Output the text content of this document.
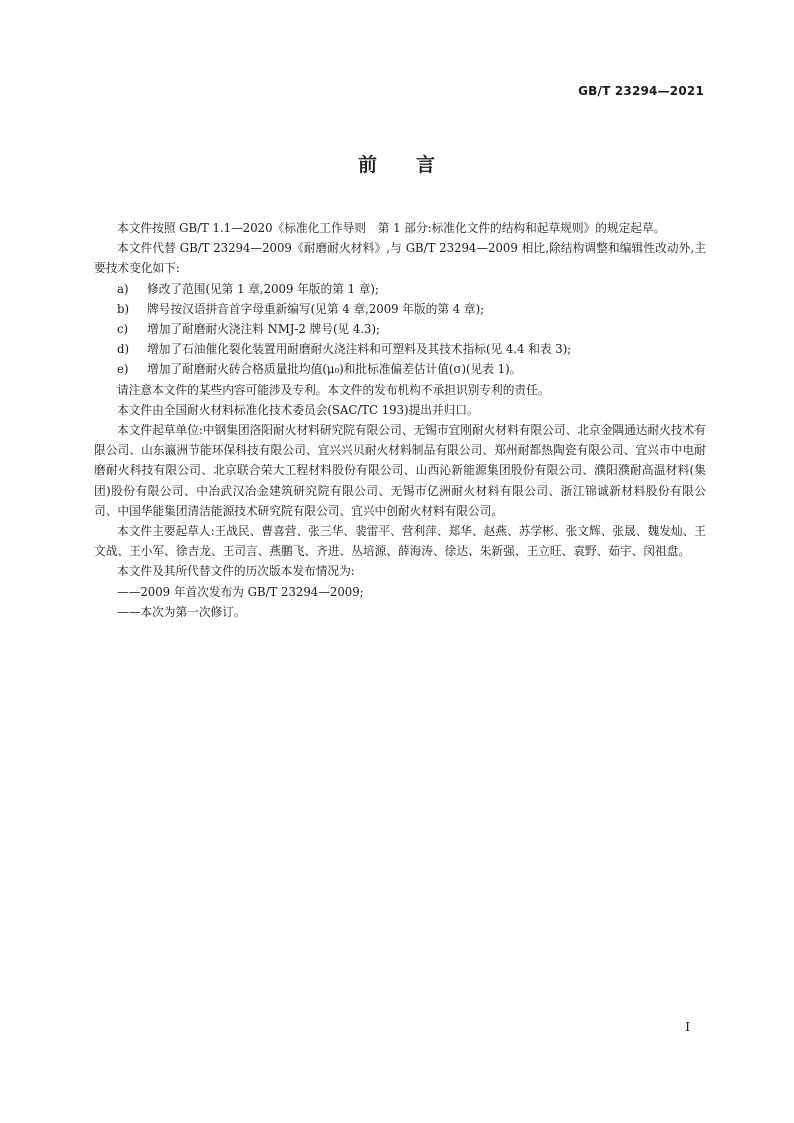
GB/T 23294—2021
前 言

本文件按照 GB/T 1.1—2020《标准化工作导则　第 1 部分:标准化文件的结构和起草规则》的规定起草。

本文件代替 GB/T 23294—2009《耐磨耐火材料》,与 GB/T 23294—2009 相比,除结构调整和编辑性改动外,主要技术变化如下:

a)	修改了范围(见第 1 章,2009 年版的第 1 章);
b)	牌号按汉语拼音首字母重新编写(见第 4 章,2009 年版的第 4 章);
c)	增加了耐磨耐火浇注料 NMJ-2 牌号(见 4.3);
d)	增加了石油催化裂化装置用耐磨耐火浇注料和可塑料及其技术指标(见 4.4 和表 3);
e)	增加了耐磨耐火砖合格质量批均值(μ₀)和批标准偏差估计值(σ)(见表 1)。

请注意本文件的某些内容可能涉及专利。本文件的发布机构不承担识别专利的责任。

本文件由全国耐火材料标准化技术委员会(SAC/TC 193)提出并归口。

本文件起草单位:中钢集团洛阳耐火材料研究院有限公司、无锡市宜刚耐火材料有限公司、北京金隅通达耐火技术有限公司、山东瀛洲节能环保科技有限公司、宜兴兴贝耐火材料制品有限公司、郑州耐都热陶瓷有限公司、宜兴市中电耐磨耐火科技有限公司、北京联合荣大工程材料股份有限公司、山西沁新能源集团股份有限公司、濮阳濮耐高温材料(集团)股份有限公司、中冶武汉冶金建筑研究院有限公司、无锡市亿洲耐火材料有限公司、浙江锦诚新材料股份有限公司、中国华能集团清洁能源技术研究院有限公司、宜兴中创耐火材料有限公司。

本文件主要起草人:王战民、曹喜营、张三华、裴雷平、营利萍、郑华、赵燕、苏学彬、张文辉、张晟、魏发灿、王文战、王小军、徐吉龙、王司言、燕鹏飞、齐进、丛培源、薛海涛、徐达、朱新强、王立旺、袁野、茹宇、闵祖盘。

本文件及其所代替文件的历次版本发布情况为:

——2009 年首次发布为 GB/T 23294—2009;
——本次为第一次修订。
I
